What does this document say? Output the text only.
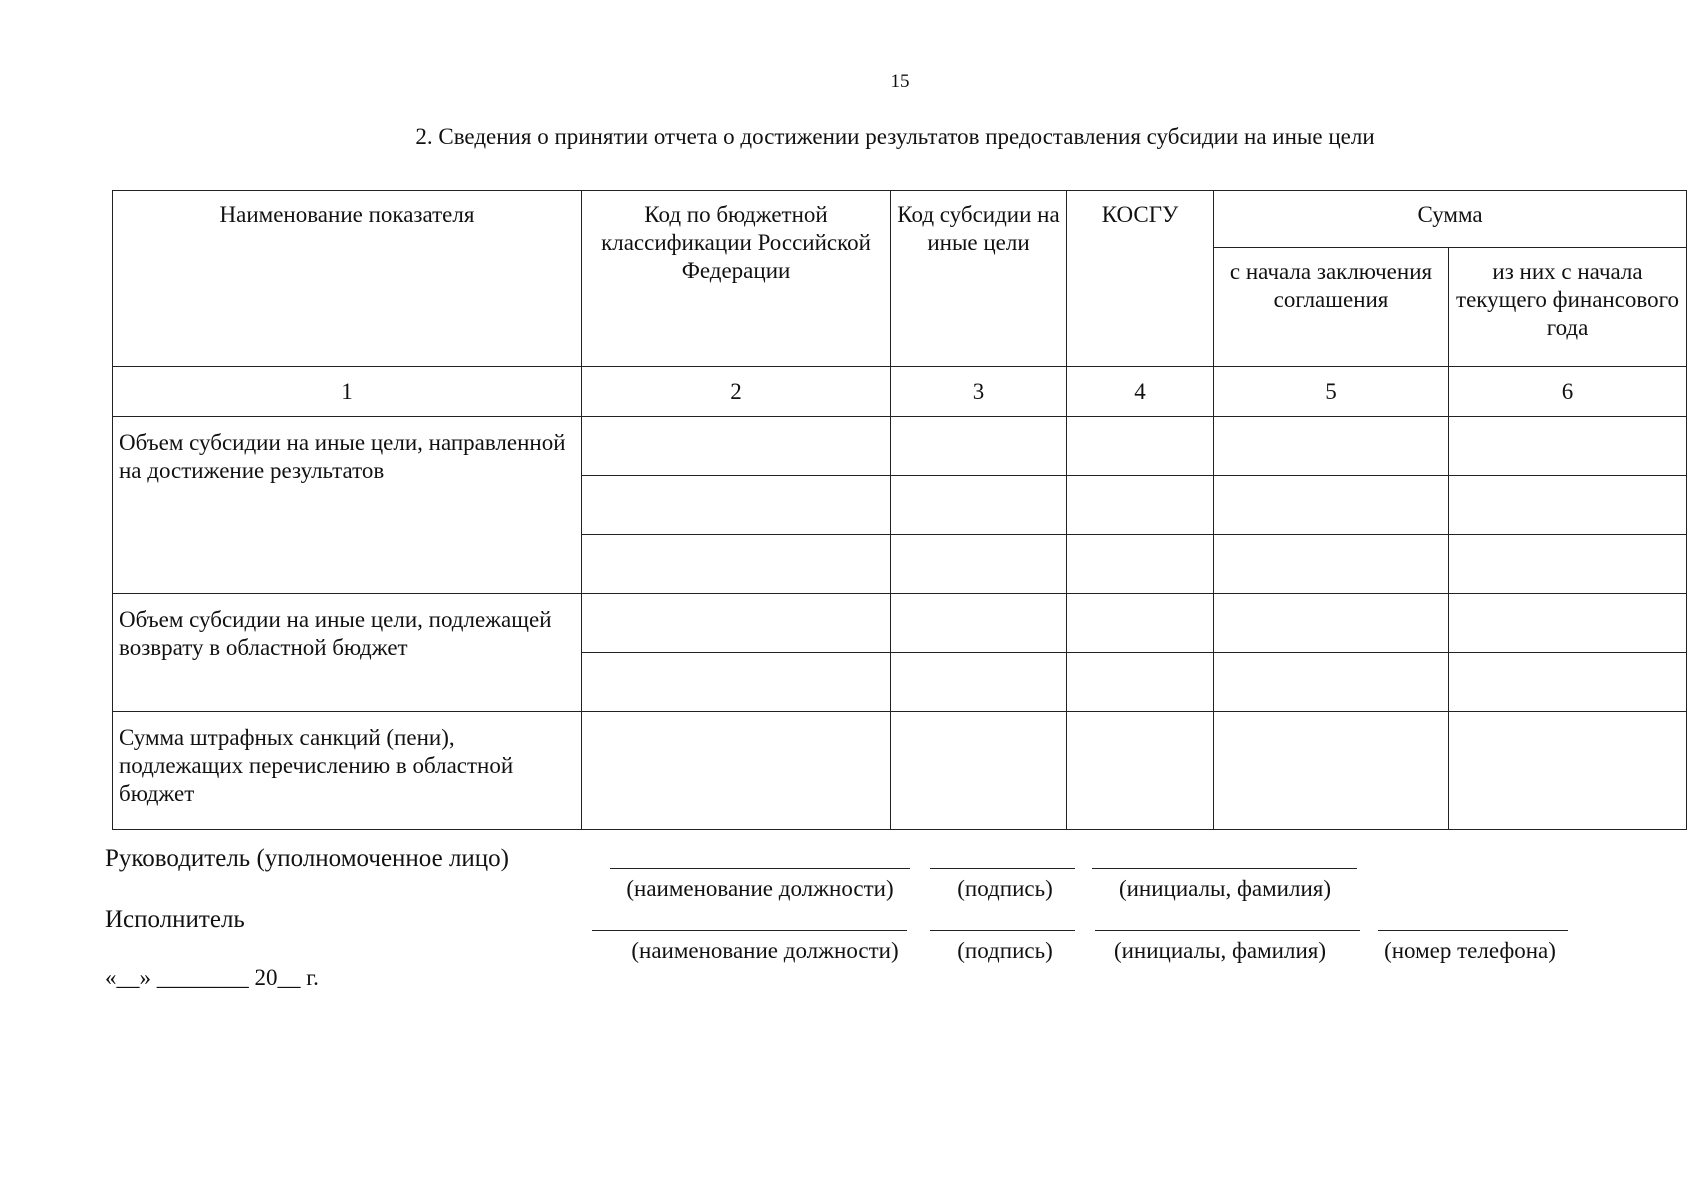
15
2. Сведения о принятии отчета о достижении результатов предоставления субсидии на иные цели
Наименование показателя	Код по бюджетной классификации Российской Федерации	Код субсидии на иные цели	КОСГУ	Сумма	
				с начала заключения соглашения	из них с начала текущего финансового года
1	2	3	4	5	6
Объем субсидии на иные цели, направленной на достижение результатов					

Объем субсидии на иные цели, подлежащей возврату в областной бюджет					

Сумма штрафных санкций (пени), подлежащих перечислению в областной бюджет					
Руководитель (уполномоченное лицо)
(наименование должности)	(подпись)	(инициалы, фамилия)
Исполнитель
(наименование должности)	(подпись)	(инициалы, фамилия)	(номер телефона)
«__» ________ 20__ г.
